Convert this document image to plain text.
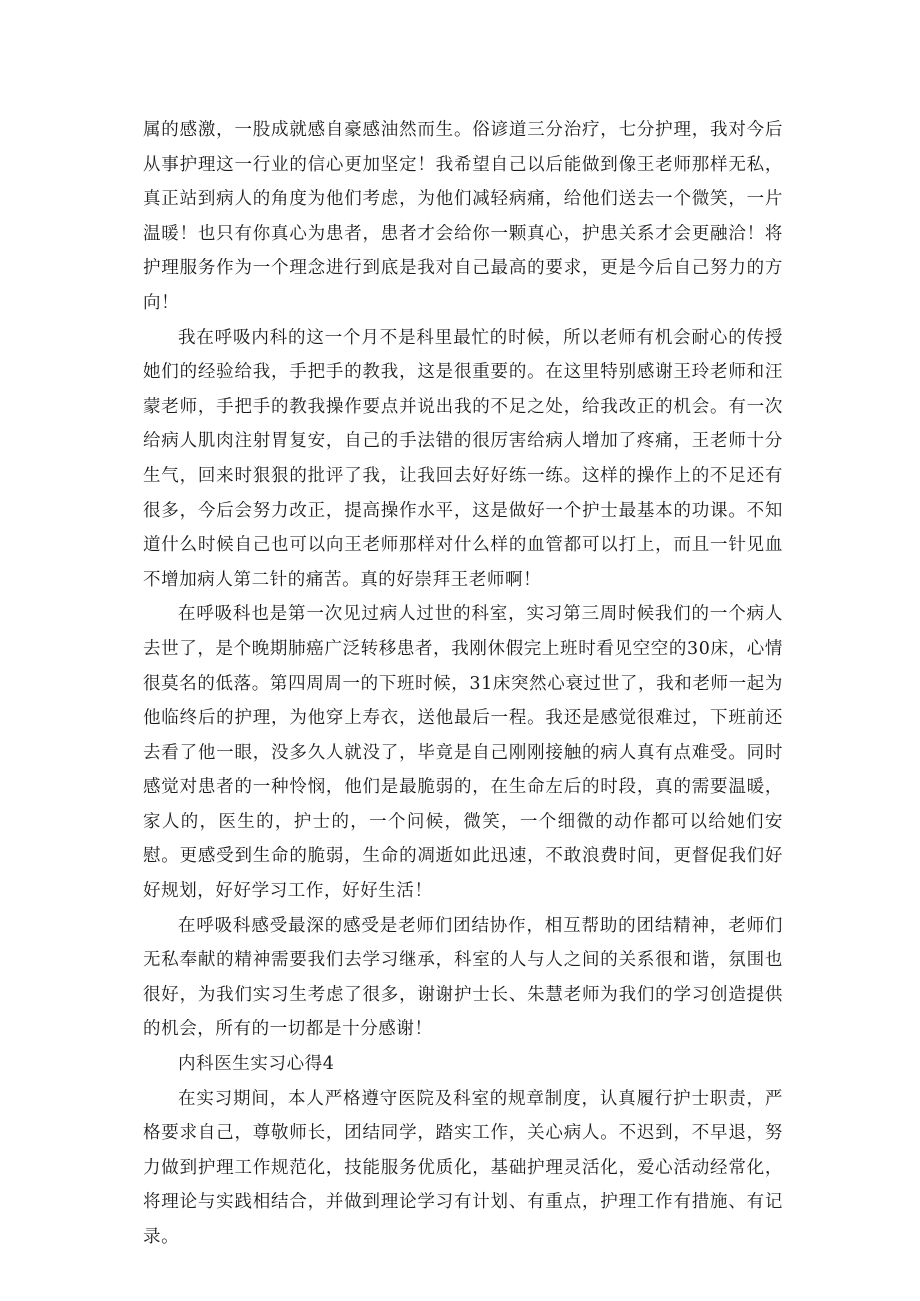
属的感激，一股成就感自豪感油然而生。俗谚道三分治疗，七分护理，我对今后从事护理这一行业的信心更加坚定！我希望自己以后能做到像王老师那样无私，真正站到病人的角度为他们考虑，为他们减轻病痛，给他们送去一个微笑，一片温暖！也只有你真心为患者，患者才会给你一颗真心，护患关系才会更融洽！将护理服务作为一个理念进行到底是我对自己最高的要求，更是今后自己努力的方向！

我在呼吸内科的这一个月不是科里最忙的时候，所以老师有机会耐心的传授她们的经验给我，手把手的教我，这是很重要的。在这里特别感谢王玲老师和汪蒙老师，手把手的教我操作要点并说出我的不足之处，给我改正的机会。有一次给病人肌肉注射胃复安，自己的手法错的很厉害给病人增加了疼痛，王老师十分生气，回来时狠狠的批评了我，让我回去好好练一练。这样的操作上的不足还有很多，今后会努力改正，提高操作水平，这是做好一个护士最基本的功课。不知道什么时候自己也可以向王老师那样对什么样的血管都可以打上，而且一针见血不增加病人第二针的痛苦。真的好崇拜王老师啊！

在呼吸科也是第一次见过病人过世的科室，实习第三周时候我们的一个病人去世了，是个晚期肺癌广泛转移患者，我刚休假完上班时看见空空的30床，心情很莫名的低落。第四周周一的下班时候，31床突然心衰过世了，我和老师一起为他临终后的护理，为他穿上寿衣，送他最后一程。我还是感觉很难过，下班前还去看了他一眼，没多久人就没了，毕竟是自己刚刚接触的病人真有点难受。同时感觉对患者的一种怜悯，他们是最脆弱的，在生命左后的时段，真的需要温暖，家人的，医生的，护士的，一个问候，微笑，一个细微的动作都可以给她们安慰。更感受到生命的脆弱，生命的凋逝如此迅速，不敢浪费时间，更督促我们好好规划，好好学习工作，好好生活！

在呼吸科感受最深的感受是老师们团结协作，相互帮助的团结精神，老师们无私奉献的精神需要我们去学习继承，科室的人与人之间的关系很和谐，氛围也很好，为我们实习生考虑了很多，谢谢护士长、朱慧老师为我们的学习创造提供的机会，所有的一切都是十分感谢！

内科医生实习心得4

在实习期间，本人严格遵守医院及科室的规章制度，认真履行护士职责，严格要求自己，尊敬师长，团结同学，踏实工作，关心病人。不迟到，不早退，努力做到护理工作规范化，技能服务优质化，基础护理灵活化，爱心活动经常化，将理论与实践相结合，并做到理论学习有计划、有重点，护理工作有措施、有记录。
